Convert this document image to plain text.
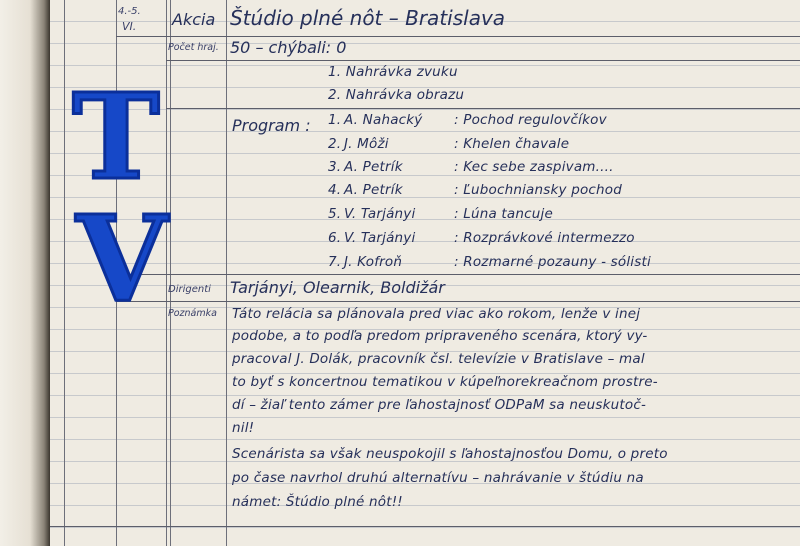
4.-5.
VI. Akcia Štúdio plné nôt – Bratislava
Počet hraj. 50 – chýbali: 0
1. Nahrávka zvuku
2. Nahrávka obrazu
Program : 1. A. Nahacký : Pochod regulovčíkov
2. J. Môži	: Khelen čhavale
3. A. Petrík	: Kec sebe zaspivam....
4. A. Petrík	: Ľubochniansky pochod
5. V. Tarjányi	: Lúna tancuje
6. V. Tarjányi	: Rozprávkové intermezzo
7. J. Kofroň	: Rozmarné pozauny - sólisti
Dirigenti Tarjányi, Olearnik, Boldižár
Poznámka Táto relácia sa plánovala pred viac ako rokom, lenže v inej
podobe, a to podľa predom pripraveného scenára, ktorý vy-
pracoval J. Dolák, pracovník čsl. televízie v Bratislave – mal
to byť s koncertnou tematikou v kúpeľnorekreačnom prostre-
dí – žiaľ tento zámer pre ľahostajnosť ODPaM sa neuskutoč-
nil!
Scenárista sa však neuspokojil s ľahostajnosťou Domu, o preto
po čase navrhol druhú alternatívu – nahrávanie v štúdiu na
námet: Štúdio plné nôt!!
T
V
